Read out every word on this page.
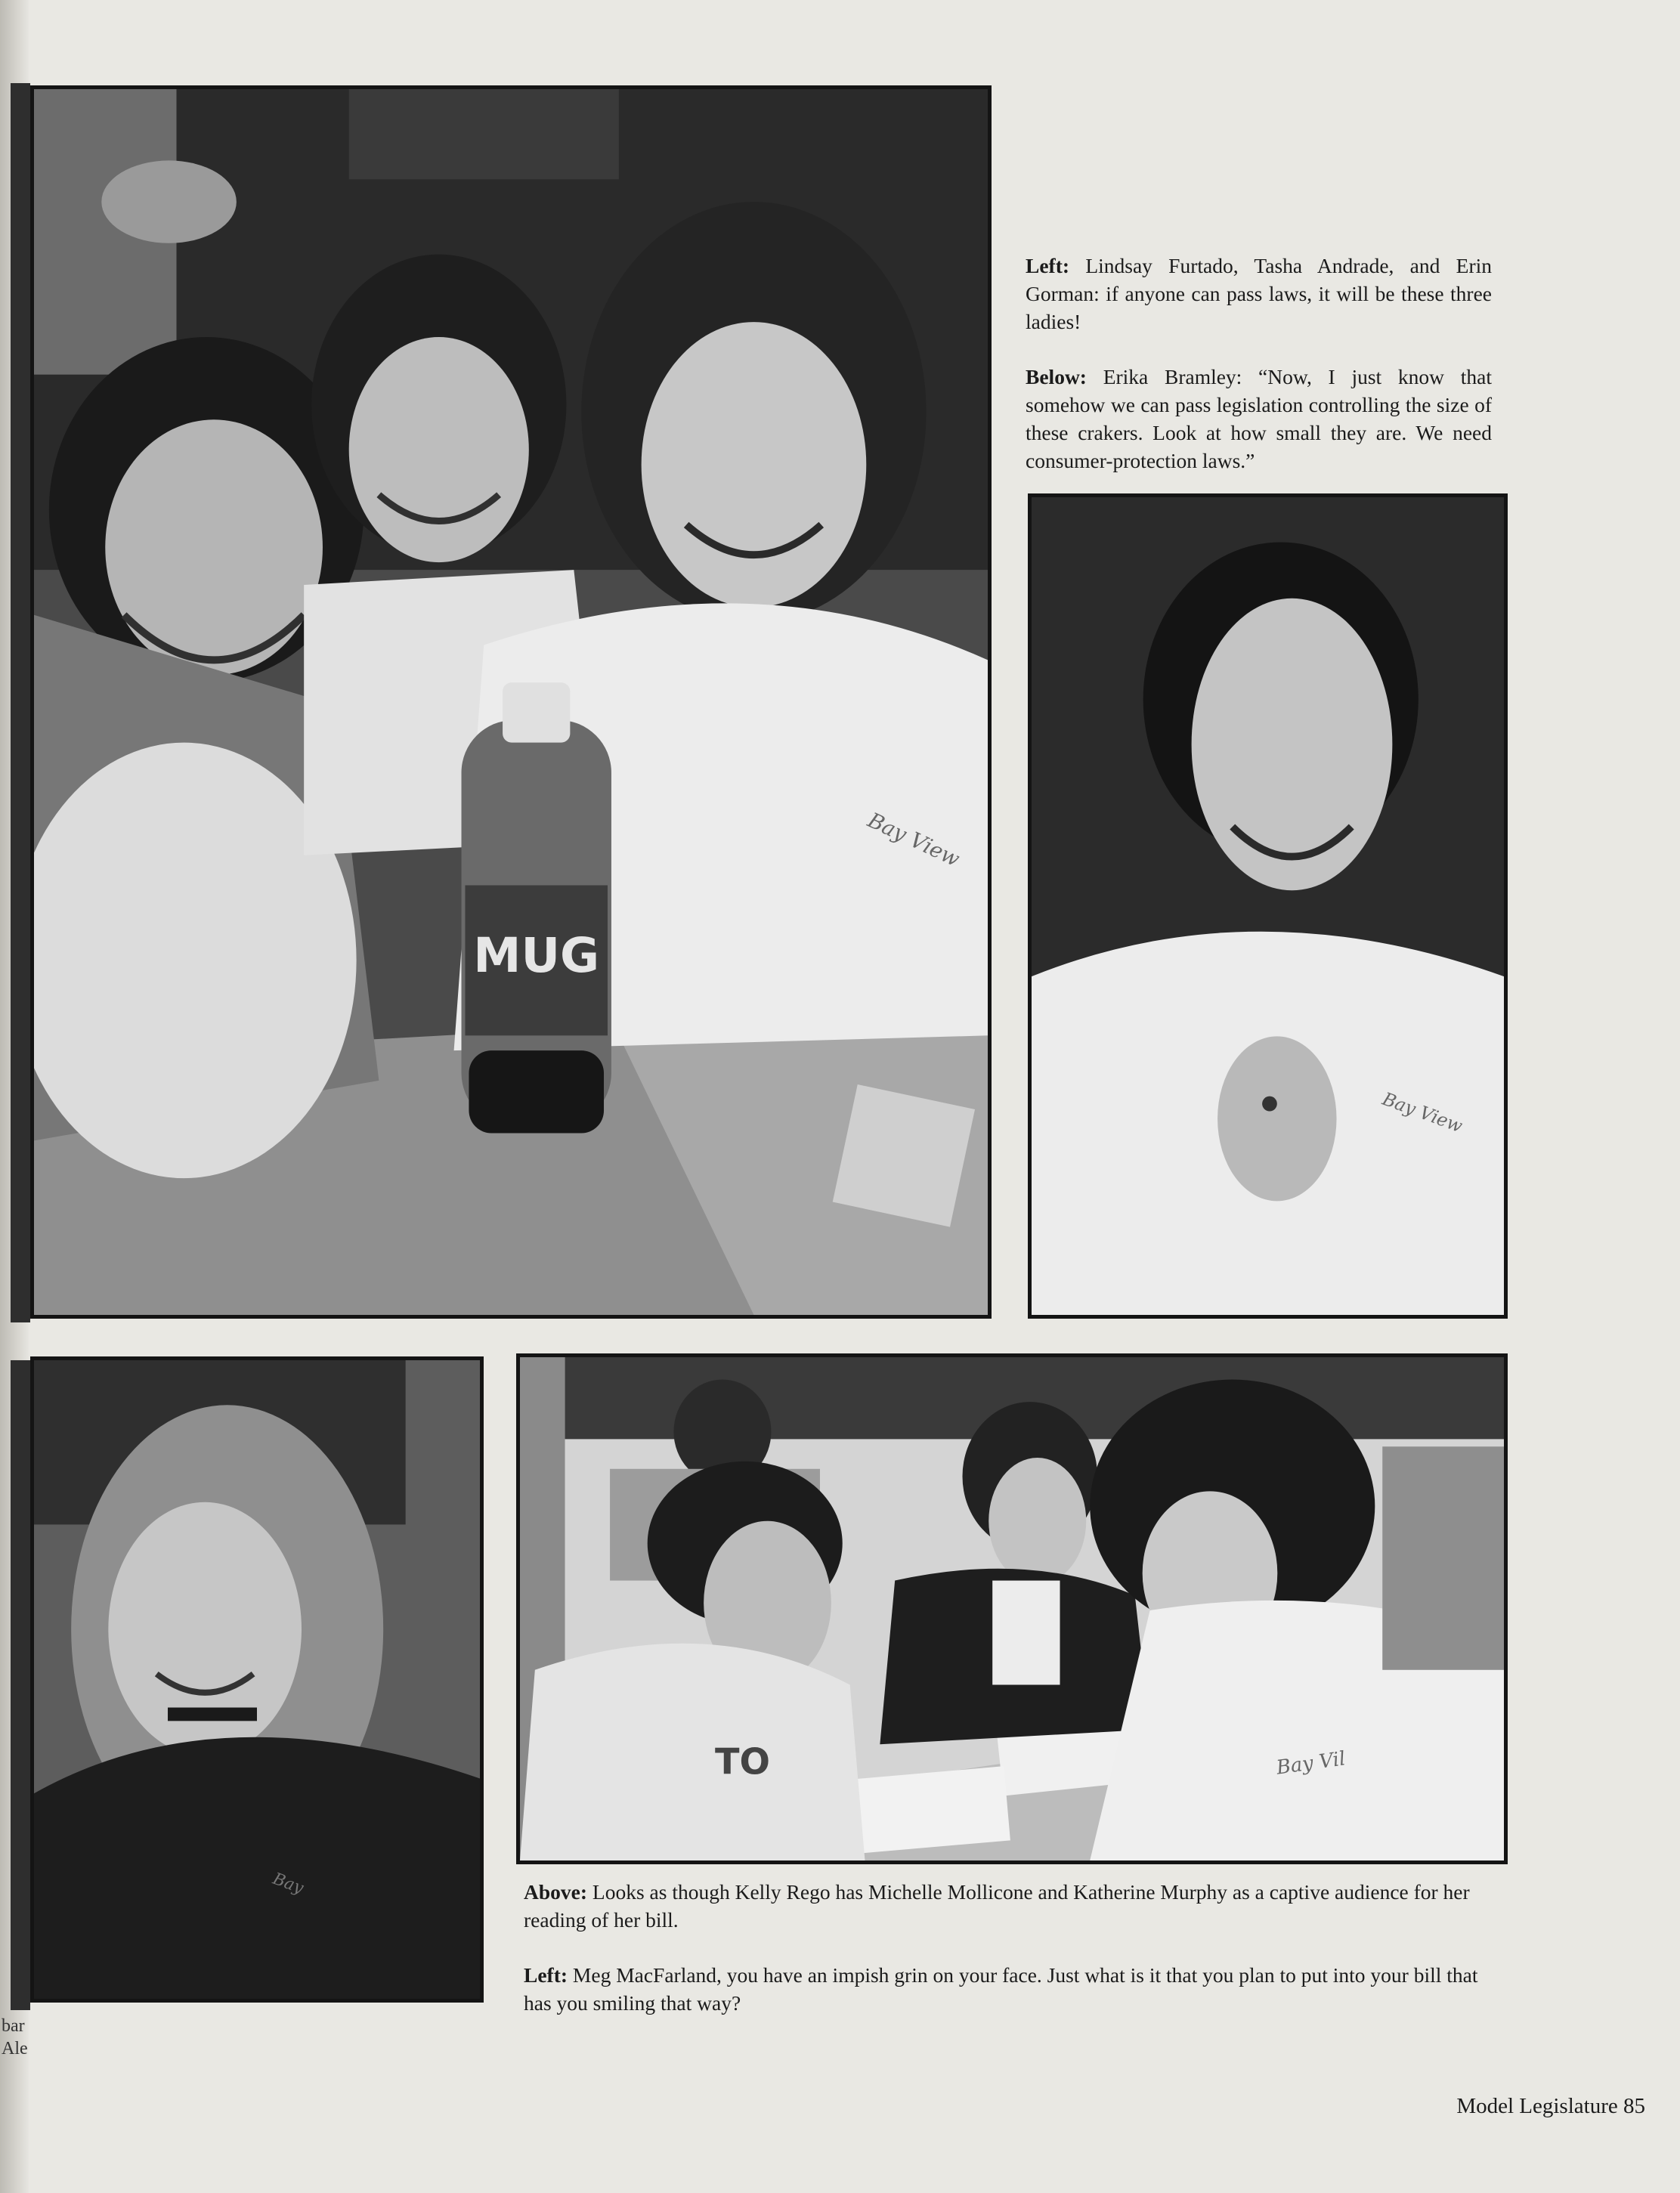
bar
Ale
Bay View
MUG
Bay View
Bay
TO	Bay Vil

Left: Lindsay Furtado, Tasha Andrade, and Erin Gorman: if anyone can pass laws, it will be these three ladies!

Below: Erika Bramley: “Now, I just know that somehow we can pass legislation controlling the size of these crakers. Look at how small they are. We need consumer-protection laws.”

Above: Looks as though Kelly Rego has Michelle Mollicone and Katherine Murphy as a captive audience for her reading of her bill.

Left: Meg MacFarland, you have an impish grin on your face. Just what is it that you plan to put into your bill that has you smiling that way?

Model Legislature 85
